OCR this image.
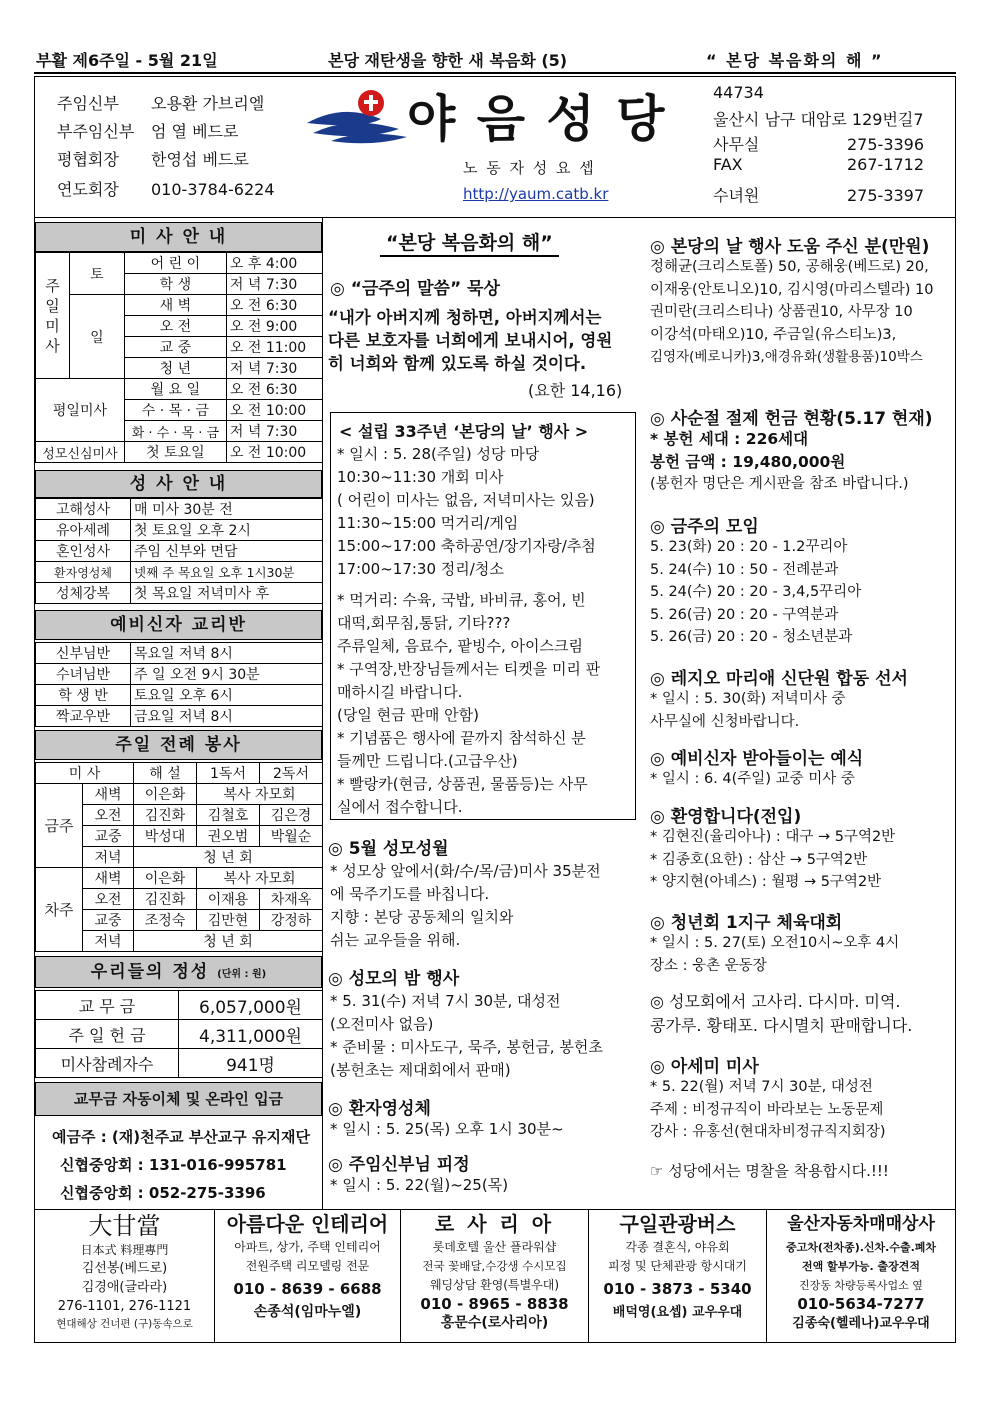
부활 제6주일 - 5월 21일	본당 재탄생을 향한 새 복음화 (5)	“ 본당 복음화의 해 ”
주임신부 오용환 가브리엘
부주임신부 엄 열 베드로
평협회장 한영섭 베드로
연도회장 010-3784-6224
야 음 성 당
노 동 자 성 요 셉
http://yaum.catb.kr
44734
울산시 남구 대암로 129번길7
사무실	275-3396
FAX	267-1712
수녀원	275-3397
미 사 안 내
주일미사	토	어 린 이	오 후 4:00
		학 생	저 녁 7:30
	일	새 벽	오 전 6:30
		오 전	오 전 9:00
		교 중	오 전 11:00
		청 년	저 녁 7:30
평일미사		월 요 일	오 전 6:30
		수 · 목 · 금	오 전 10:00
		화 · 수 · 목 · 금	저 녁 7:30
성모신심미사		첫 토요일	오 전 10:00
성 사 안 내
고해성사	매 미사 30분 전
유아세례	첫 토요일 오후 2시
혼인성사	주임 신부와 면담
환자영성체	넷째 주 목요일 오후 1시30분
성체강복	첫 목요일 저녁미사 후
예비신자 교리반
신부님반	목요일 저녁 8시
수녀님반	주 일 오전 9시 30분
학 생 반	토요일 오후 6시
짝교우반	금요일 저녁 8시
주일 전례 봉사
미 사		해 설	1독서	2독서
금주	새벽	이은화	복사 자모회	
	오전	김진화	김철호	김은경
	교중	박성대	권오범	박월순
	저녁	청 년 회		
차주	새벽	이은화	복사 자모회	
	오전	김진화	이재용	차재옥
	교중	조정숙	김만현	강정하
	저녁	청 년 회		
우리들의 정성 (단위 : 원)
교 무 금	6,057,000원
주 일 헌 금	4,311,000원
미사참례자수	941명
교무금 자동이체 및 온라인 입금
예금주 : (재)천주교 부산교구 유지재단
신협중앙회 : 131-016-995781
신협중앙회 : 052-275-3396
“본당 복음화의 해”
◎ “금주의 말씀” 묵상
“내가 아버지께 청하면, 아버지께서는
다른 보호자를 너희에게 보내시어, 영원
히 너희와 함께 있도록 하실 것이다.
(요한 14,16)
< 설립 33주년 ‘본당의 날’ 행사 >
* 일시 : 5. 28(주일) 성당 마당
10:30~11:30 개회 미사
( 어린이 미사는 없음, 저녁미사는 있음)
11:30~15:00 먹거리/게임
15:00~17:00 축하공연/장기자랑/추첨
17:00~17:30 정리/청소
* 먹거리: 수육, 국밥, 바비큐, 홍어, 빈
대떡,회무침,통닭, 기타???
주류일체, 음료수, 팥빙수, 아이스크림
* 구역장,반장님들께서는 티켓을 미리 판
매하시길 바랍니다.
(당일 현금 판매 안함)
* 기념품은 행사에 끝까지 참석하신 분
들께만 드립니다.(고급우산)
* 빨랑카(현금, 상품권, 물품등)는 사무
실에서 접수합니다.
◎ 5월 성모성월
* 성모상 앞에서(화/수/목/금)미사 35분전
에 묵주기도를 바칩니다.
지향 : 본당 공동체의 일치와
쉬는 교우들을 위해.
◎ 성모의 밤 행사
* 5. 31(수) 저녁 7시 30분, 대성전
(오전미사 없음)
* 준비물 : 미사도구, 묵주, 봉헌금, 봉헌초
(봉헌초는 제대회에서 판매)
◎ 환자영성체
* 일시 : 5. 25(목) 오후 1시 30분~
◎ 주임신부님 피정
* 일시 : 5. 22(월)~25(목)
◎ 본당의 날 행사 도움 주신 분(만원)
정해균(크리스토폴) 50, 공해웅(베드로) 20,
이재웅(안토니오)10, 김시영(마리스텔라) 10
권미란(크리스티나) 상품권10, 사무장 10
이강석(마태오)10, 주금일(유스티노)3,
김영자(베로니카)3,애경유화(생활용품)10박스
◎ 사순절 절제 헌금 현황(5.17 현재)
* 봉헌 세대 : 226세대
봉헌 금액 : 19,480,000원
(봉헌자 명단은 게시판을 참조 바랍니다.)
◎ 금주의 모임
5. 23(화) 20 : 20 - 1.2꾸리아
5. 24(수) 10 : 50 - 전례분과
5. 24(수) 20 : 20 - 3,4,5꾸리아
5. 26(금) 20 : 20 - 구역분과
5. 26(금) 20 : 20 - 청소년분과
◎ 레지오 마리애 신단원 합동 선서
* 일시 : 5. 30(화) 저녁미사 중
사무실에 신청바랍니다.
◎ 예비신자 받아들이는 예식
* 일시 : 6. 4(주일) 교중 미사 중
◎ 환영합니다(전입)
* 김현진(율리아나) : 대구 → 5구역2반
* 김종호(요한) : 삼산 → 5구역2반
* 양지현(아녜스) : 월평 → 5구역2반
◎ 청년회 1지구 체육대회
* 일시 : 5. 27(토) 오전10시~오후 4시
장소 : 웅촌 운동장
◎ 성모회에서 고사리. 다시마. 미역.
콩가루. 황태포. 다시멸치 판매합니다.
◎ 아세미 미사
* 5. 22(월) 저녁 7시 30분, 대성전
주제 : 비정규직이 바라보는 노동문제
강사 : 유홍선(현대차비정규직지회장)
☞ 성당에서는 명찰을 착용합시다.!!!
大甘當
日本式 料理專門
김선봉(베드로)
김경애(글라라)
276-1101, 276-1121
현대해상 건너편 (구)동속으로
아름다운 인테리어
아파트, 상가, 주택 인테리어
전원주택 리모델링 전문
010 - 8639 - 6688
손종석(임마누엘)
로 사 리 아
롯데호텔 울산 플라워샵
전국 꽃배달,수강생 수시모집
웨딩상담 환영(특별우대)
010 - 8965 - 8838
홍문수(로사리아)
구일관광버스
각종 결혼식, 야유회
피정 및 단체관광 항시대기
010 - 3873 - 5340
배덕영(요셉) 교우우대
울산자동차매매상사
중고차(전차종).신차.수출.폐차
전액 할부가능. 출장견적
진장동 차량등록사업소 옆
010-5634-7277
김종숙(헬레나)교우우대
